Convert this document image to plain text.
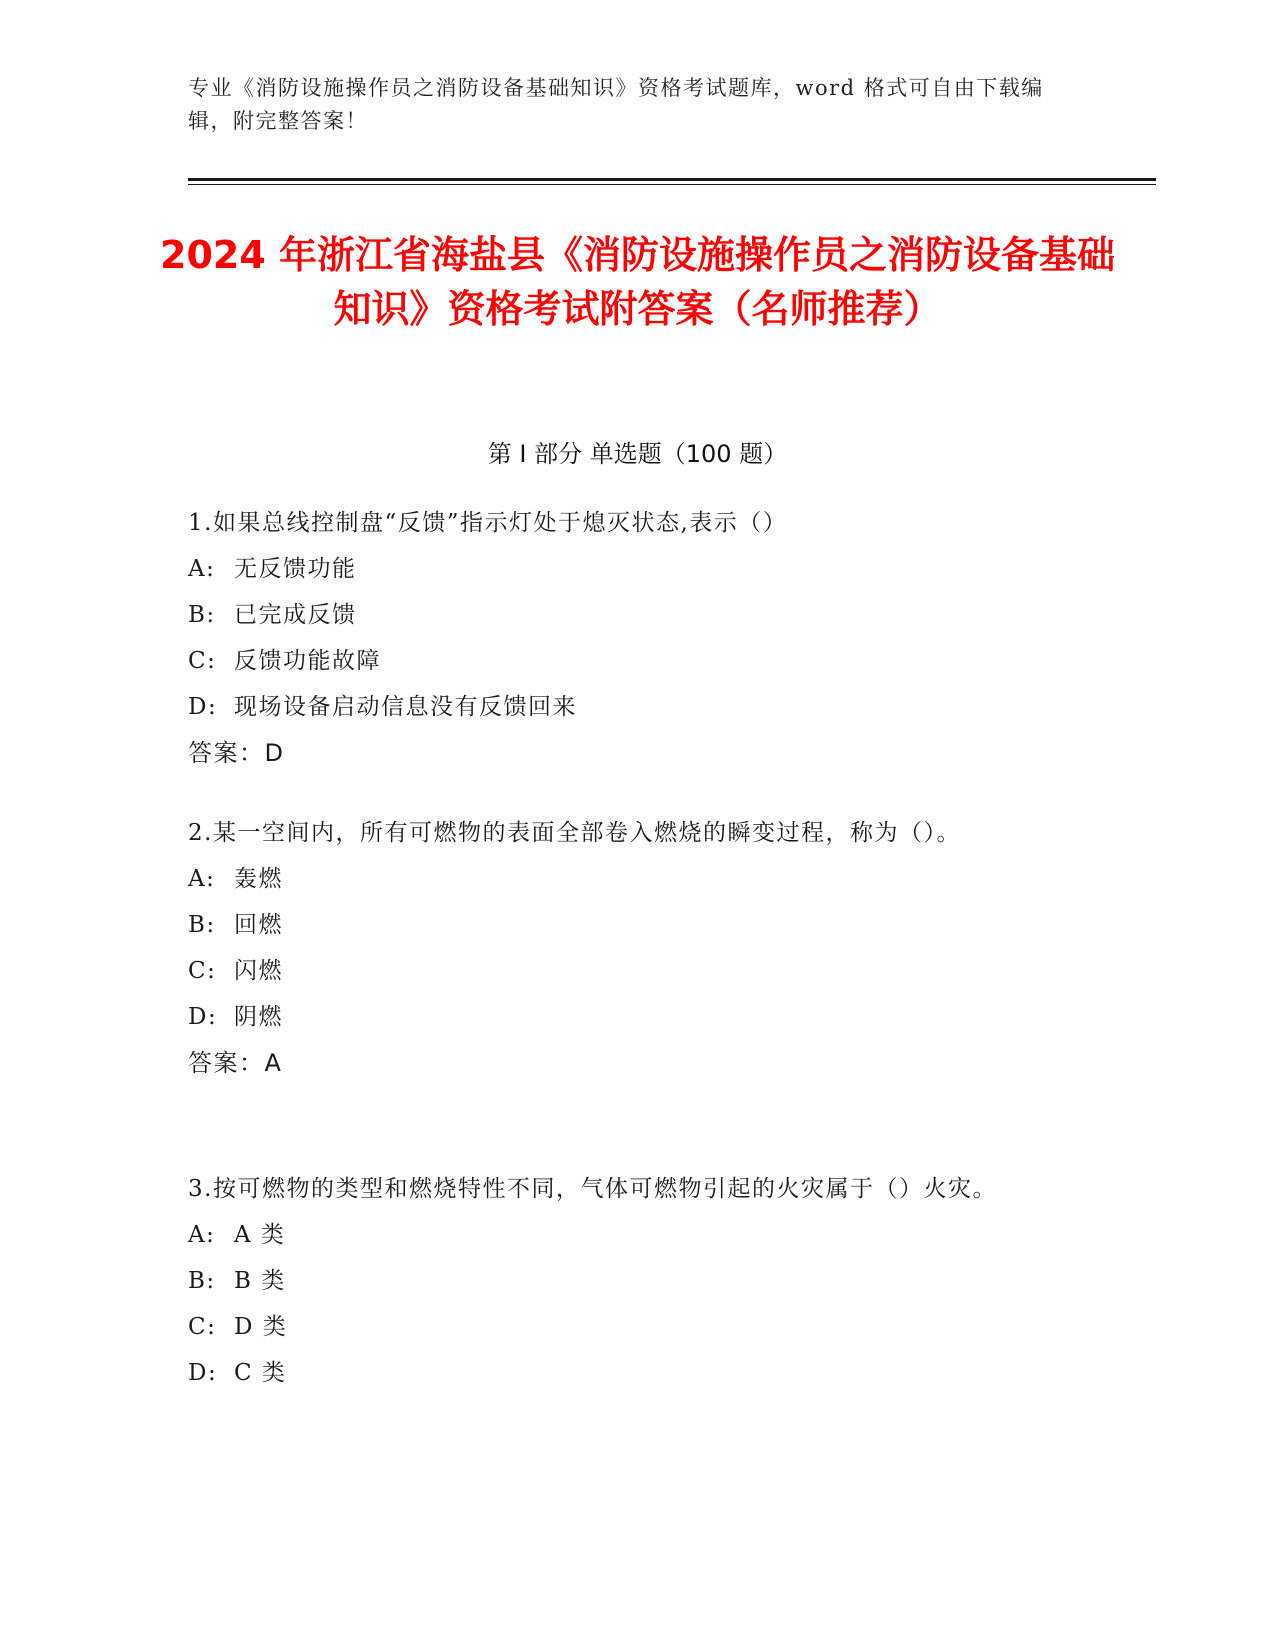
专业《消防设施操作员之消防设备基础知识》资格考试题库，word 格式可自由下载编辑，附完整答案！
2024 年浙江省海盐县《消防设施操作员之消防设备基础知识》资格考试附答案（名师推荐）
第 I 部分 单选题（100 题）

1.如果总线控制盘“反馈”指示灯处于熄灭状态,表示（）

A: 无反馈功能

B: 已完成反馈

C: 反馈功能故障

D: 现场设备启动信息没有反馈回来

答案：D

2.某一空间内，所有可燃物的表面全部卷入燃烧的瞬变过程，称为（）。

A: 轰燃

B: 回燃

C: 闪燃

D: 阴燃

答案：A

3.按可燃物的类型和燃烧特性不同，气体可燃物引起的火灾属于（）火灾。

A: A 类

B: B 类

C: D 类

D: C 类
